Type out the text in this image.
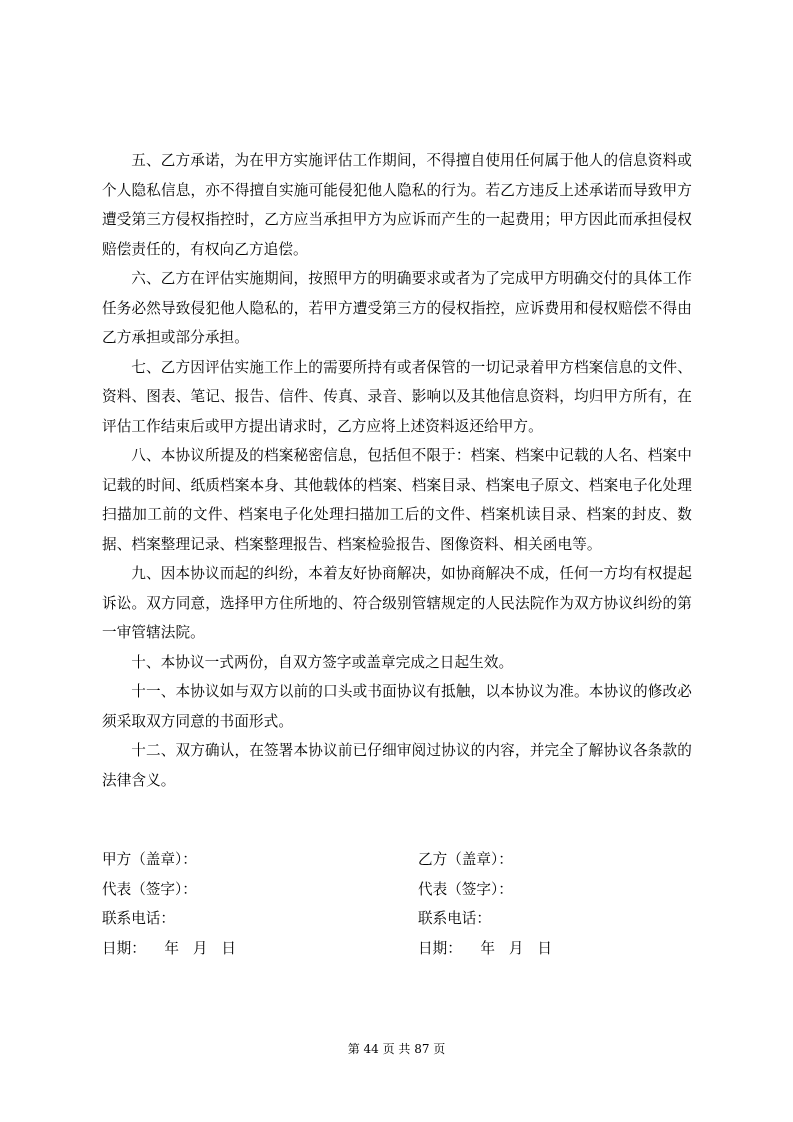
五、乙方承诺，为在甲方实施评估工作期间，不得擅自使用任何属于他人的信息资料或个人隐私信息，亦不得擅自实施可能侵犯他人隐私的行为。若乙方违反上述承诺而导致甲方遭受第三方侵权指控时，乙方应当承担甲方为应诉而产生的一起费用；甲方因此而承担侵权赔偿责任的，有权向乙方追偿。

六、乙方在评估实施期间，按照甲方的明确要求或者为了完成甲方明确交付的具体工作任务必然导致侵犯他人隐私的，若甲方遭受第三方的侵权指控，应诉费用和侵权赔偿不得由乙方承担或部分承担。

七、乙方因评估实施工作上的需要所持有或者保管的一切记录着甲方档案信息的文件、资料、图表、笔记、报告、信件、传真、录音、影响以及其他信息资料，均归甲方所有，在评估工作结束后或甲方提出请求时，乙方应将上述资料返还给甲方。

八、本协议所提及的档案秘密信息，包括但不限于：档案、档案中记载的人名、档案中记载的时间、纸质档案本身、其他载体的档案、档案目录、档案电子原文、档案电子化处理扫描加工前的文件、档案电子化处理扫描加工后的文件、档案机读目录、档案的封皮、数据、档案整理记录、档案整理报告、档案检验报告、图像资料、相关函电等。

九、因本协议而起的纠纷，本着友好协商解决，如协商解决不成，任何一方均有权提起诉讼。双方同意，选择甲方住所地的、符合级别管辖规定的人民法院作为双方协议纠纷的第一审管辖法院。

十、本协议一式两份，自双方签字或盖章完成之日起生效。

十一、本协议如与双方以前的口头或书面协议有抵触，以本协议为准。本协议的修改必须采取双方同意的书面形式。

十二、双方确认，在签署本协议前已仔细审阅过协议的内容，并完全了解协议各条款的法律含义。

甲方（盖章）：
代表（签字）：
联系电话：
日期：    年   月   日
乙方（盖章）：
代表（签字）：
联系电话：
日期：    年   月   日
第 44 页 共 87 页
